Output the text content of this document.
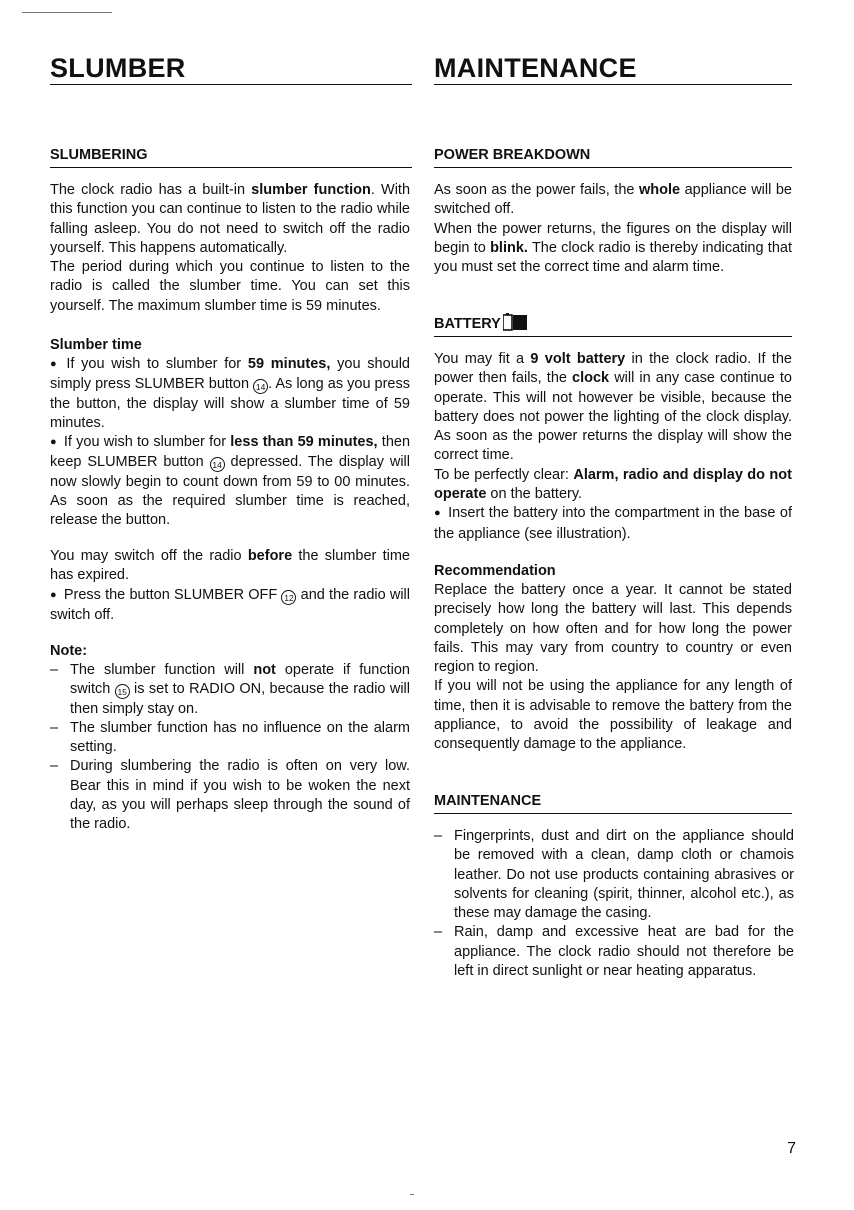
SLUMBER	MAINTENANCE
SLUMBERING
The clock radio has a built-in slumber function. With this function you can continue to listen to the radio while falling asleep. You do not need to switch off the radio yourself. This happens automatically.
The period during which you continue to listen to the radio is called the slumber time. You can set this yourself. The maximum slumber time is 59 minutes.
Slumber time
● If you wish to slumber for 59 minutes, you should simply press SLUMBER button 14 . As long as you press the button, the display will show a slumber time of 59 minutes.
● If you wish to slumber for less than 59 minutes, then keep SLUMBER button 14 depressed. The display will now slowly begin to count down from 59 to 00 minutes. As soon as the required slumber time is reached, release the button.
You may switch off the radio before the slumber time has expired.
● Press the button SLUMBER OFF 12 and the radio will switch off.
Note:
– The slumber function will not operate if function switch 15 is set to RADIO ON, because the radio will then simply stay on.
– The slumber function has no influence on the alarm setting.
– During slumbering the radio is often on very low. Bear this in mind if you wish to be woken the next day, as you will perhaps sleep through the sound of the radio.
POWER BREAKDOWN
As soon as the power fails, the whole appliance will be switched off.
When the power returns, the figures on the display will begin to blink. The clock radio is thereby indicating that you must set the correct time and alarm time.
BATTERY
You may fit a 9 volt battery in the clock radio. If the power then fails, the clock will in any case continue to operate. This will not however be visible, because the battery does not power the lighting of the clock display. As soon as the power returns the display will show the correct time.
To be perfectly clear: Alarm, radio and display do not operate on the battery.
● Insert the battery into the compartment in the base of the appliance (see illustration).
Recommendation
Replace the battery once a year. It cannot be stated precisely how long the battery will last. This depends completely on how often and for how long the power fails. This may vary from country to country or even region to region.
If you will not be using the appliance for any length of time, then it is advisable to remove the battery from the appliance, to avoid the possibility of leakage and consequently damage to the appliance.
MAINTENANCE
– Fingerprints, dust and dirt on the appliance should be removed with a clean, damp cloth or chamois leather. Do not use products containing abrasives or solvents for cleaning (spirit, thinner, alcohol etc.), as these may damage the casing.
– Rain, damp and excessive heat are bad for the appliance. The clock radio should not therefore be left in direct sunlight or near heating apparatus.
7
